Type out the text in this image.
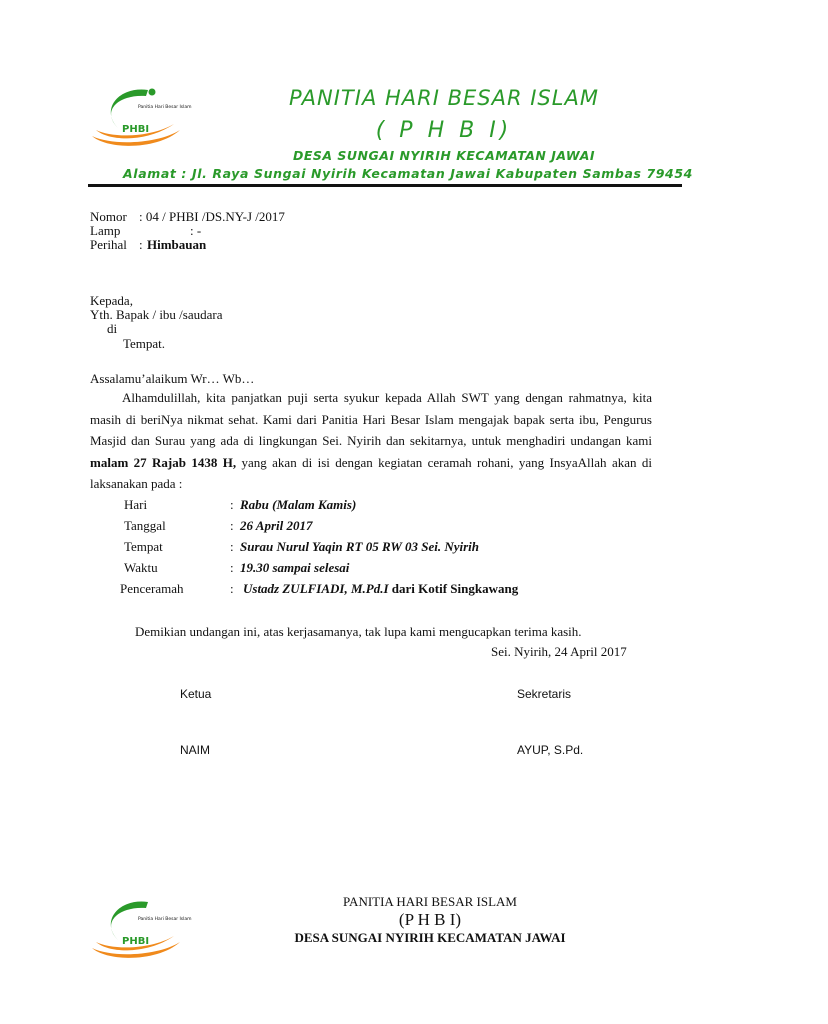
PHBI
Panitia Hari Besar Islam	PANITIA HARI BESAR ISLAM
( P H B I)
DESA SUNGAI NYIRIH KECAMATAN JAWAI
Alamat : Jl. Raya Sungai Nyirih Kecamatan Jawai Kabupaten Sambas 79454
Nomor : 04 / PHBI /DS.NY-J /2017
Lamp	: -
Perihal : Himbauan
Kepada,
Yth. Bapak / ibu /saudara
di
Tempat.
Assalamu’alaikum Wr… Wb…
Alhamdulillah, kita panjatkan puji serta syukur kepada Allah SWT yang dengan rahmatnya, kita masih di beriNya nikmat sehat. Kami dari Panitia Hari Besar Islam mengajak bapak serta ibu, Pengurus Masjid dan Surau yang ada di lingkungan Sei. Nyirih dan sekitarnya, untuk menghadiri undangan kami malam 27 Rajab 1438 H, yang akan di isi dengan kegiatan ceramah rohani, yang InsyaAllah akan di laksanakan pada :
Hari	: Rabu (Malam Kamis)
Tanggal	: 26 April 2017
Tempat	: Surau Nurul Yaqin RT 05 RW 03 Sei. Nyirih
Waktu	: 19.30 sampai selesai
Penceramah	: Ustadz ZULFIADI, M.Pd.I dari Kotif Singkawang
Demikian undangan ini, atas kerjasamanya, tak lupa kami mengucapkan terima kasih.
Sei. Nyirih, 24 April 2017
Ketua
NAIM
Sekretaris
AYUP, S.Pd.
PHBI
Panitia Hari Besar Islam
PANITIA HARI BESAR ISLAM
(P H B I)
DESA SUNGAI NYIRIH KECAMATAN JAWAI
